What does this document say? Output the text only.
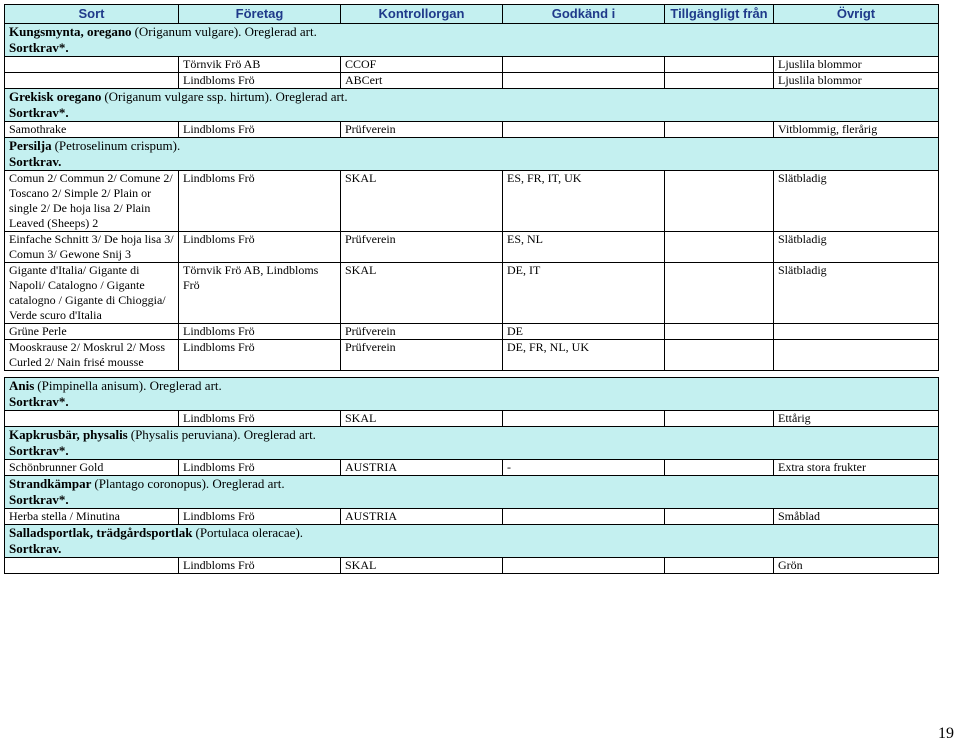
Sort	Företag	Kontrollorgan	Godkänd i	Tillgängligt från	Övrigt
Kungsmynta, oregano (Origanum vulgare). Oreglerad art.
Sortkrav*.					
	Törnvik Frö AB	CCOF			Ljuslila blommor
	Lindbloms Frö	ABCert			Ljuslila blommor
Grekisk oregano (Origanum vulgare ssp. hirtum). Oreglerad art.
Sortkrav*.					
Samothrake	Lindbloms Frö	Prüfverein			Vitblommig, flerårig
Persilja (Petroselinum crispum).
Sortkrav.					
Comun 2/ Commun 2/ Comune 2/ Toscano 2/ Simple 2/ Plain or single 2/ De hoja lisa 2/ Plain Leaved (Sheeps) 2	Lindbloms Frö	SKAL	ES, FR, IT, UK		Slätbladig
Einfache Schnitt 3/ De hoja lisa 3/ Comun 3/ Gewone Snij 3	Lindbloms Frö	Prüfverein	ES, NL		Slätbladig
Gigante d'Italia/ Gigante di Napoli/ Catalogno / Gigante catalogno / Gigante di Chioggia/ Verde scuro d'Italia	Törnvik Frö AB, Lindbloms Frö	SKAL	DE, IT		Slätbladig
Grüne Perle	Lindbloms Frö	Prüfverein	DE		
Mooskrause 2/ Moskrul 2/ Moss Curled 2/ Nain frisé mousse	Lindbloms Frö	Prüfverein	DE, FR, NL, UK		

Anis (Pimpinella anisum). Oreglerad art.
Sortkrav*.					
	Lindbloms Frö	SKAL			Ettårig
Kapkrusbär, physalis (Physalis peruviana). Oreglerad art.
Sortkrav*.					
Schönbrunner Gold	Lindbloms Frö	AUSTRIA	-		Extra stora frukter
Strandkämpar (Plantago coronopus). Oreglerad art.
Sortkrav*.					
Herba stella / Minutina	Lindbloms Frö	AUSTRIA			Småblad
Salladsportlak, trädgårdsportlak (Portulaca oleracae).
Sortkrav.					
	Lindbloms Frö	SKAL			Grön
19
